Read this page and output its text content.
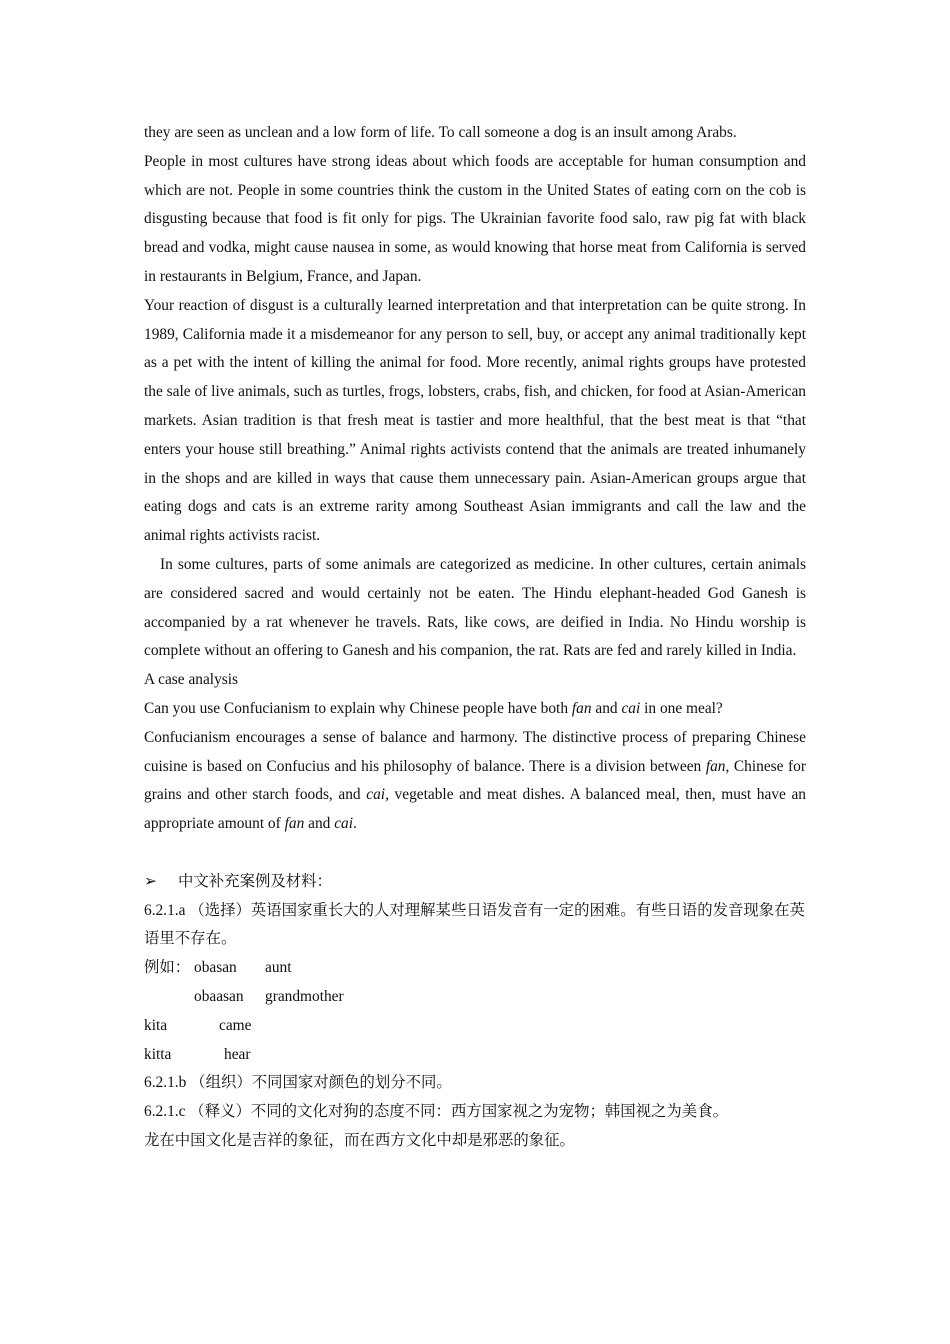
they are seen as unclean and a low form of life. To call someone a dog is an insult among Arabs.

People in most cultures have strong ideas about which foods are acceptable for human consumption and which are not. People in some countries think the custom in the United States of eating corn on the cob is disgusting because that food is fit only for pigs. The Ukrainian favorite food salo, raw pig fat with black bread and vodka, might cause nausea in some, as would knowing that horse meat from California is served in restaurants in Belgium, France, and Japan.

Your reaction of disgust is a culturally learned interpretation and that interpretation can be quite strong. In 1989, California made it a misdemeanor for any person to sell, buy, or accept any animal traditionally kept as a pet with the intent of killing the animal for food. More recently, animal rights groups have protested the sale of live animals, such as turtles, frogs, lobsters, crabs, fish, and chicken, for food at Asian-American markets. Asian tradition is that fresh meat is tastier and more healthful, that the best meat is that “that enters your house still breathing.” Animal rights activists contend that the animals are treated inhumanely in the shops and are killed in ways that cause them unnecessary pain. Asian-American groups argue that eating dogs and cats is an extreme rarity among Southeast Asian immigrants and call the law and the animal rights activists racist.

In some cultures, parts of some animals are categorized as medicine. In other cultures, certain animals are considered sacred and would certainly not be eaten. The Hindu elephant-headed God Ganesh is accompanied by a rat whenever he travels. Rats, like cows, are deified in India. No Hindu worship is complete without an offering to Ganesh and his companion, the rat. Rats are fed and rarely killed in India.

A case analysis

Can you use Confucianism to explain why Chinese people have both fan and cai in one meal?

Confucianism encourages a sense of balance and harmony. The distinctive process of preparing Chinese cuisine is based on Confucius and his philosophy of balance. There is a division between fan, Chinese for grains and other starch foods, and cai, vegetable and meat dishes. A balanced meal, then, must have an appropriate amount of fan and cai.

➢ 中文补充案例及材料：

6.2.1.a （选择）英语国家重长大的人对理解某些日语发音有一定的困难。有些日语的发音现象在英语里不存在。

例如： obasan aunt
obaasan grandmother
kita	came
kitta	hear

6.2.1.b （组织）不同国家对颜色的划分不同。

6.2.1.c （释义）不同的文化对狗的态度不同：西方国家视之为宠物；韩国视之为美食。

龙在中国文化是吉祥的象征，而在西方文化中却是邪恶的象征。
